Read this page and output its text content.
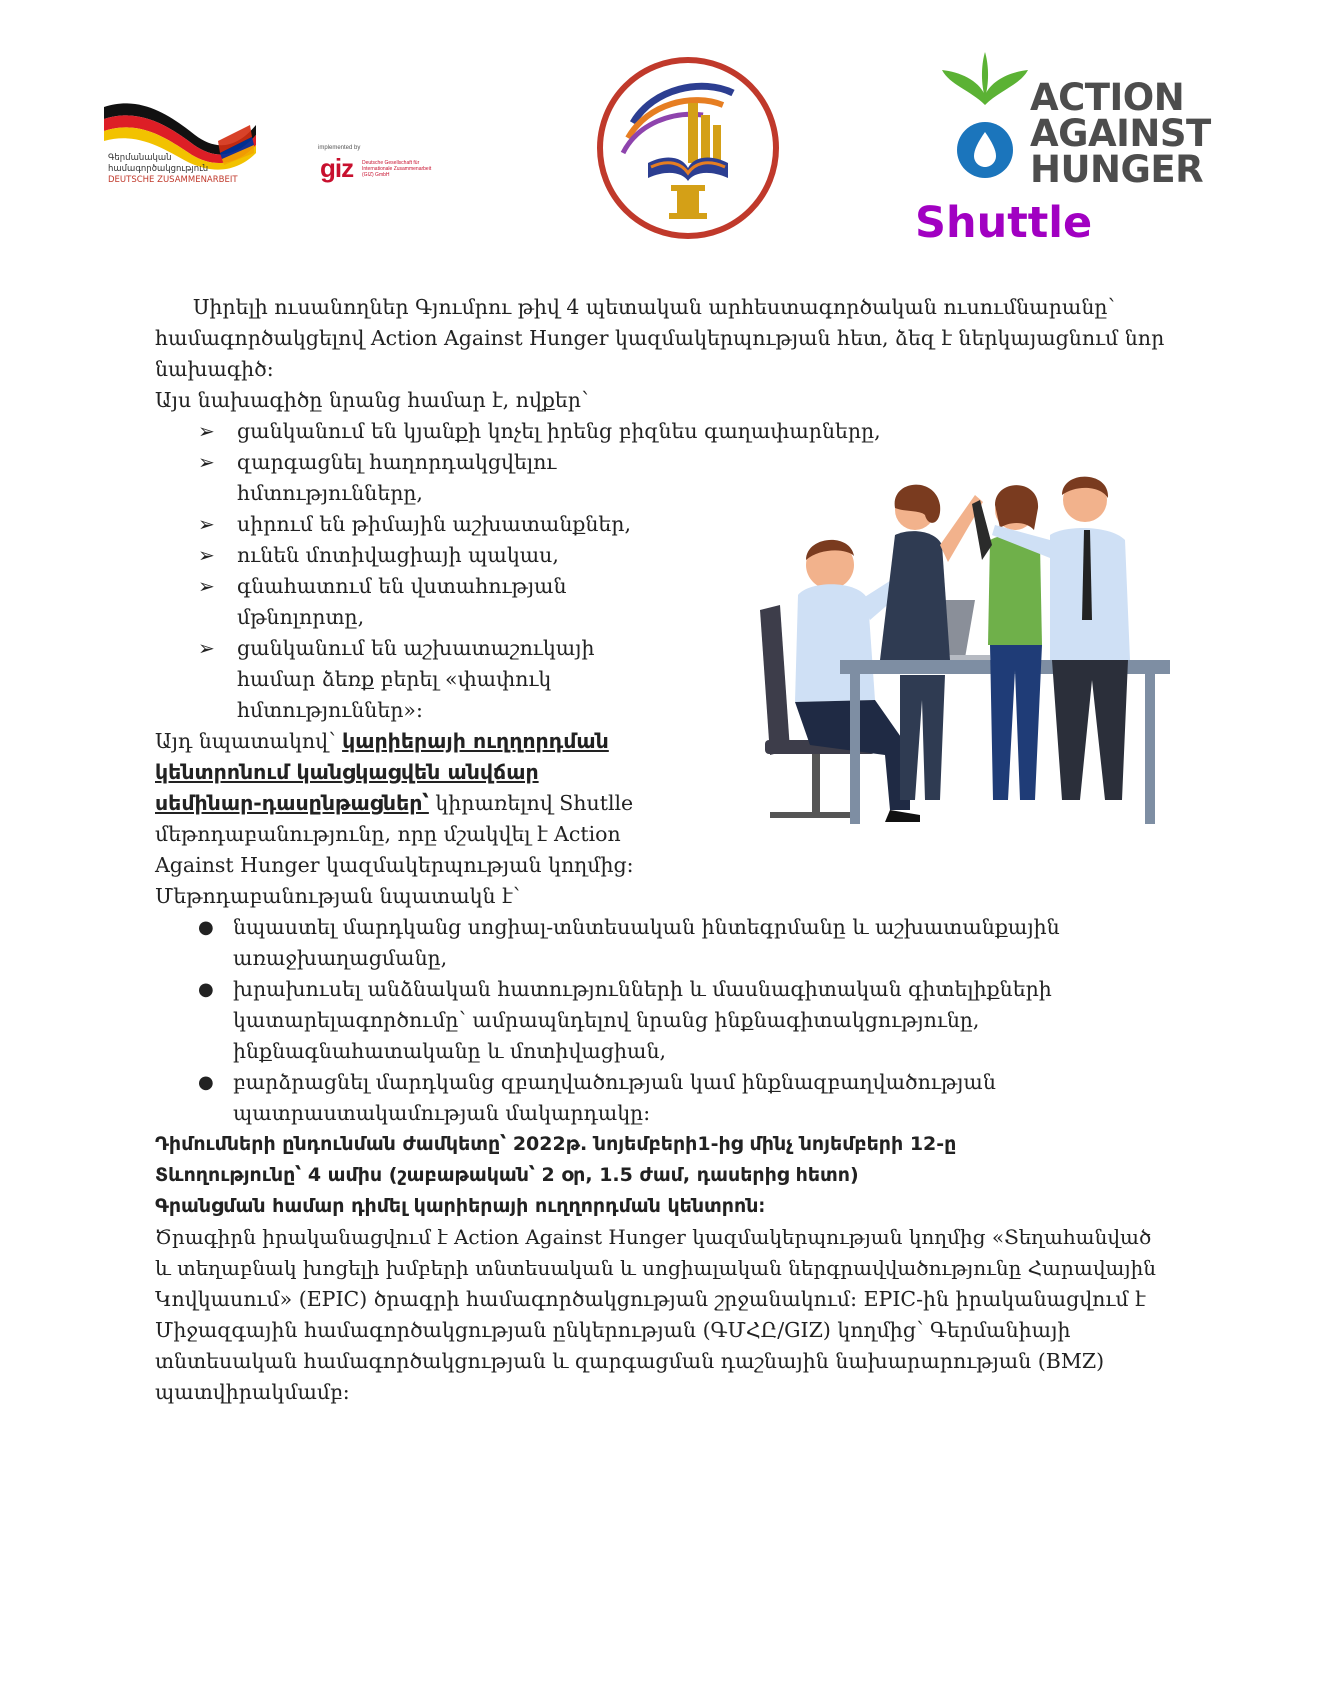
Գերմանական
համագործակցություն
DEUTSCHE ZUSAMMENARBEIT
implemented by
giz Deutsche Gesellschaft für Internationale Zusammenarbeit (GIZ) GmbH
ACTION
AGAINST
HUNGER
Shuttle
Սիրելի ուսանողներ Գյումրու թիվ 4 պետական արհեստագործական ուսումնարանը՝
համագործակցելով Action Against Hunger կազմակերպության հետ, ձեզ է ներկայացնում նոր
նախագիծ։
Այս նախագիծը նրանց համար է, ովքեր՝
➢ ցանկանում են կյանքի կոչել իրենց բիզնես գաղափարները,
➢ զարգացնել հաղորդակցվելու
հմտությունները,
➢ սիրում են թիմային աշխատանքներ,
➢ ունեն մոտիվացիայի պակաս,
➢ գնահատում են վստահության
մթնոլորտը,
➢ ցանկանում են աշխատաշուկայի
համար ձեռք բերել «փափուկ
հմտություններ»։
Այդ նպատակով՝ կարիերայի ուղղորդման
կենտրոնում կանցկացվեն անվճար
սեմինար-դասընթացներ՝ կիրառելով Shutlle
մեթոդաբանությունը, որը մշակվել է Action
Against Hunger կազմակերպության կողմից։
Մեթոդաբանության նպատակն է՝
● նպաստել մարդկանց սոցիալ-տնտեսական ինտեգրմանը և աշխատանքային
առաջխաղացմանը,
● խրախուսել անձնական հատությունների և մասնագիտական գիտելիքների
կատարելագործումը՝ ամրապնդելով նրանց ինքնագիտակցությունը,
ինքնագնահատականը և մոտիվացիան,
● բարձրացնել մարդկանց զբաղվածության կամ ինքնազբաղվածության
պատրաստակամության մակարդակը։
Դիմումների ընդունման ժամկետը՝ 2022թ. նոյեմբերի1-ից մինչ նոյեմբերի 12-ը
Տևողությունը՝ 4 ամիս (շաբաթական՝ 2 օր, 1.5 ժամ, դասերից հետո)
Գրանցման համար դիմել կարիերայի ուղղորդման կենտրոն։
Ծրագիրն իրականացվում է Action Against Hunger կազմակերպության կողմից «Տեղահանված
և տեղաբնակ խոցելի խմբերի տնտեսական և սոցիալական ներգրավվածությունը Հարավային
Կովկասում» (EPIC) ծրագրի համագործակցության շրջանակում։ EPIC-ին իրականացվում է
Միջազգային համագործակցության ընկերության (ԳՄՀԸ/GIZ) կողմից՝ Գերմանիայի
տնտեսական համագործակցության և զարգացման դաշնային նախարարության (BMZ)
պատվիրակմամբ։
